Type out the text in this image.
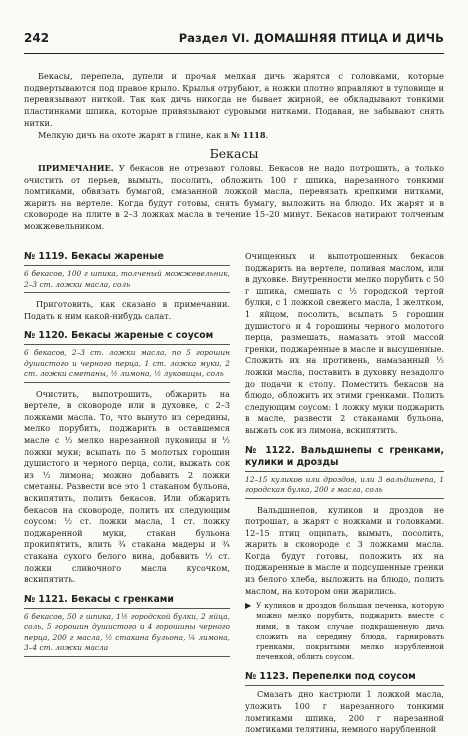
242	Раздел VI. ДОМАШНЯЯ ПТИЦА И ДИЧЬ

Бекасы, перепела, дупели и прочая мелкая дичь жарятся с головками, которые подвертываются под правое крыло. Крылья отрубают, а ножки плотно вправляют в туловище и перевязывают ниткой. Так как дичь никогда не бывает жирной, ее обкладывают тонкими пластинками шпика, которые привязывают суровыми нитками. Подавая, не забывают снять нитки.

Мелкую дичь на охоте жарят в глине, как в № 1118.

Бекасы

ПРИМЕЧАНИЕ. У бекасов не отрезают головы. Бекасов не надо потрошить, а только очистить от перьев, вымыть, посолить, обложить 100 г шпика, нарезанного тонкими ломтиками, обвязать бумагой, смазанной ложкой масла, перевязать крепкими нитками, жарить на вертеле. Когда будут готовы, снять бумагу, выложить на блюдо. Их жарят и в сковороде на плите в 2–3 ложках масла в течение 15–20 минут. Бекасов натирают толченым можжевельником.

№ 1119. Бекасы жареные

6 бекасов, 100 г шпика, толченый можжевельник, 2–3 ст. ложки масла, соль

Приготовить, как сказано в примечании. Подать к ним какой-нибудь салат.

№ 1120. Бекасы жареные с соусом

6 бекасов, 2–3 ст. ложки масла, по 5 горошин душистого и черного перца, 1 ст. ложка муки, 2 ст. ложки сметаны, ½ лимона, ½ луковицы, соль

Очистить, выпотрошить, обжарить на вертеле, в сковороде или в духовке, с 2–3 ложками масла. То, что вынуто из середины, мелко порубить, поджарить в оставшемся масле с ½ мелко нарезанной луковицы и ½ ложки муки; всыпать по 5 молотых горошин душистого и черного перца, соли, выжать сок из ½ лимона; можно добавить 2 ложки сметаны. Развести все это 1 стаканом бульона, вскипятить, полить бекасов. Или обжарить бекасов на сковороде, полить их следующим соусом: ½ ст. ложки масла, 1 ст. ложку поджаренной муки, стакан бульона прокипятить, влить ¾ стакана мадеры и ¾ стакана сухого белого вина, добавить ½ ст. ложки сливочного масла кусочком, вскипятить.

№ 1121. Бекасы с гренками

6 бекасов, 50 г шпика, 1½ городской булки, 2 яйца, соль, 5 горошин душистого и 4 горошины черного перца, 200 г масла, ½ стакана бульона, ¼ лимона, 3–4 ст. ложки масла

Очищенных и выпотрошенных бекасов поджарить на вертеле, поливая маслом, или в духовке. Внутренности мелко порубить с 50 г шпика, смешать с ½ городской тертой булки, с 1 ложкой свежего масла, 1 желтком, 1 яйцом, посолить, всыпать 5 горошин душистого и 4 горошины черного молотого перца, размешать, намазать этой массой гренки, поджаренные в масле и высушенные. Сложить их на противень, намазанный ½ ложки масла, поставить в духовку незадолго до подачи к столу. Поместить бекасов на блюдо, обложить их этими гренками. Полить следующим соусом: 1 ложку муки поджарить в масле, развести 2 стаканами бульона, выжать сок из лимона, вскипятить.

№ 1122. Вальдшнепы с гренками, кулики и дрозды

12–15 куликов или дроздов, или 3 вальдшнепа, 1 городская булка, 200 г масла, соль

Вальдшнепов, куликов и дроздов не потрошат, а жарят с ножками и головками. 12–15 птиц ощипать, вымыть, посолить, жарить в сковороде с 3 ложками масла. Когда будут готовы, положить их на поджаренные в масле и подсушенные гренки из белого хлеба, выложить на блюдо, полить маслом, на котором они жарились.

▶ У куликов и дроздов большая печенка, которую можно мелко порубить, поджарить вместе с ними, в таком случае подкрашенную дичь сложить на середину блюда, гарнировать гренками, покрытыми мелко изрубленной печенкой, облить соусом.

№ 1123. Перепелки под соусом

Смазать дно кастрюли 1 ложкой масла, уложить 100 г нарезанного тонкими ломтиками шпика, 200 г нарезанной ломтиками телятины, немного нарубленной
